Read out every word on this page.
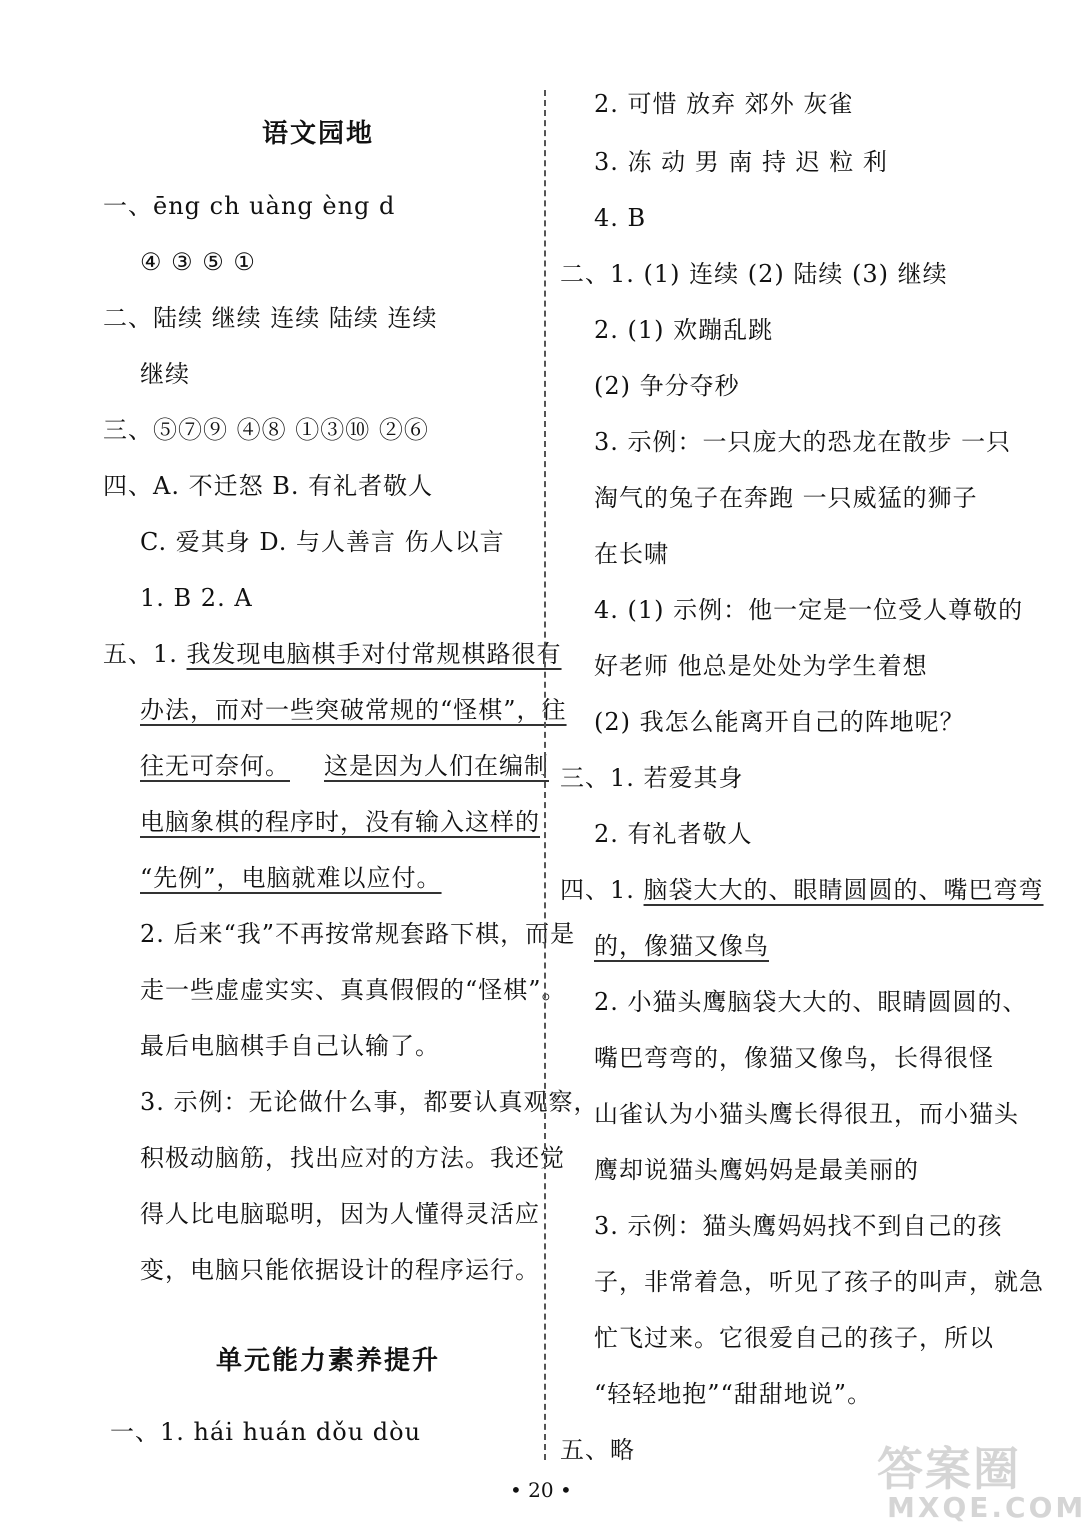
语文园地
一、ēng ch uàng èng d
④ ③ ⑤ ①
二、陆续 继续 连续 陆续 连续
继续
三、⑤⑦⑨ ④⑧ ①③⑩ ②⑥
四、A. 不迁怒 B. 有礼者敬人
C. 爱其身 D. 与人善言 伤人以言
1. B 2. A
五、1. 我发现电脑棋手对付常规棋路很有
办法，而对一些突破常规的“怪棋”，往
往无可奈何。 这是因为人们在编制
电脑象棋的程序时，没有输入这样的
“先例”，电脑就难以应付。
2. 后来“我”不再按常规套路下棋，而是
走一些虚虚实实、真真假假的“怪棋”。
最后电脑棋手自己认输了。
3. 示例：无论做什么事，都要认真观察，
积极动脑筋，找出应对的方法。我还觉
得人比电脑聪明，因为人懂得灵活应
变，电脑只能依据设计的程序运行。
单元能力素养提升
一、1. hái huán dǒu dòu
2. 可惜 放弃 郊外 灰雀
3. 冻 动 男 南 持 迟 粒 利
4. B
二、1. (1) 连续 (2) 陆续 (3) 继续
2. (1) 欢蹦乱跳
(2) 争分夺秒
3. 示例：一只庞大的恐龙在散步 一只
淘气的兔子在奔跑 一只威猛的狮子
在长啸
4. (1) 示例：他一定是一位受人尊敬的
好老师 他总是处处为学生着想
(2) 我怎么能离开自己的阵地呢？
三、1. 若爱其身
2. 有礼者敬人
四、1. 脑袋大大的、眼睛圆圆的、嘴巴弯弯
的，像猫又像鸟
2. 小猫头鹰脑袋大大的、眼睛圆圆的、
嘴巴弯弯的，像猫又像鸟，长得很怪
山雀认为小猫头鹰长得很丑，而小猫头
鹰却说猫头鹰妈妈是最美丽的
3. 示例：猫头鹰妈妈找不到自己的孩
子，非常着急，听见了孩子的叫声，就急
忙飞过来。它很爱自己的孩子，所以
“轻轻地抱”“甜甜地说”。
五、略
• 20 •	答案圈
MXQE.COM
